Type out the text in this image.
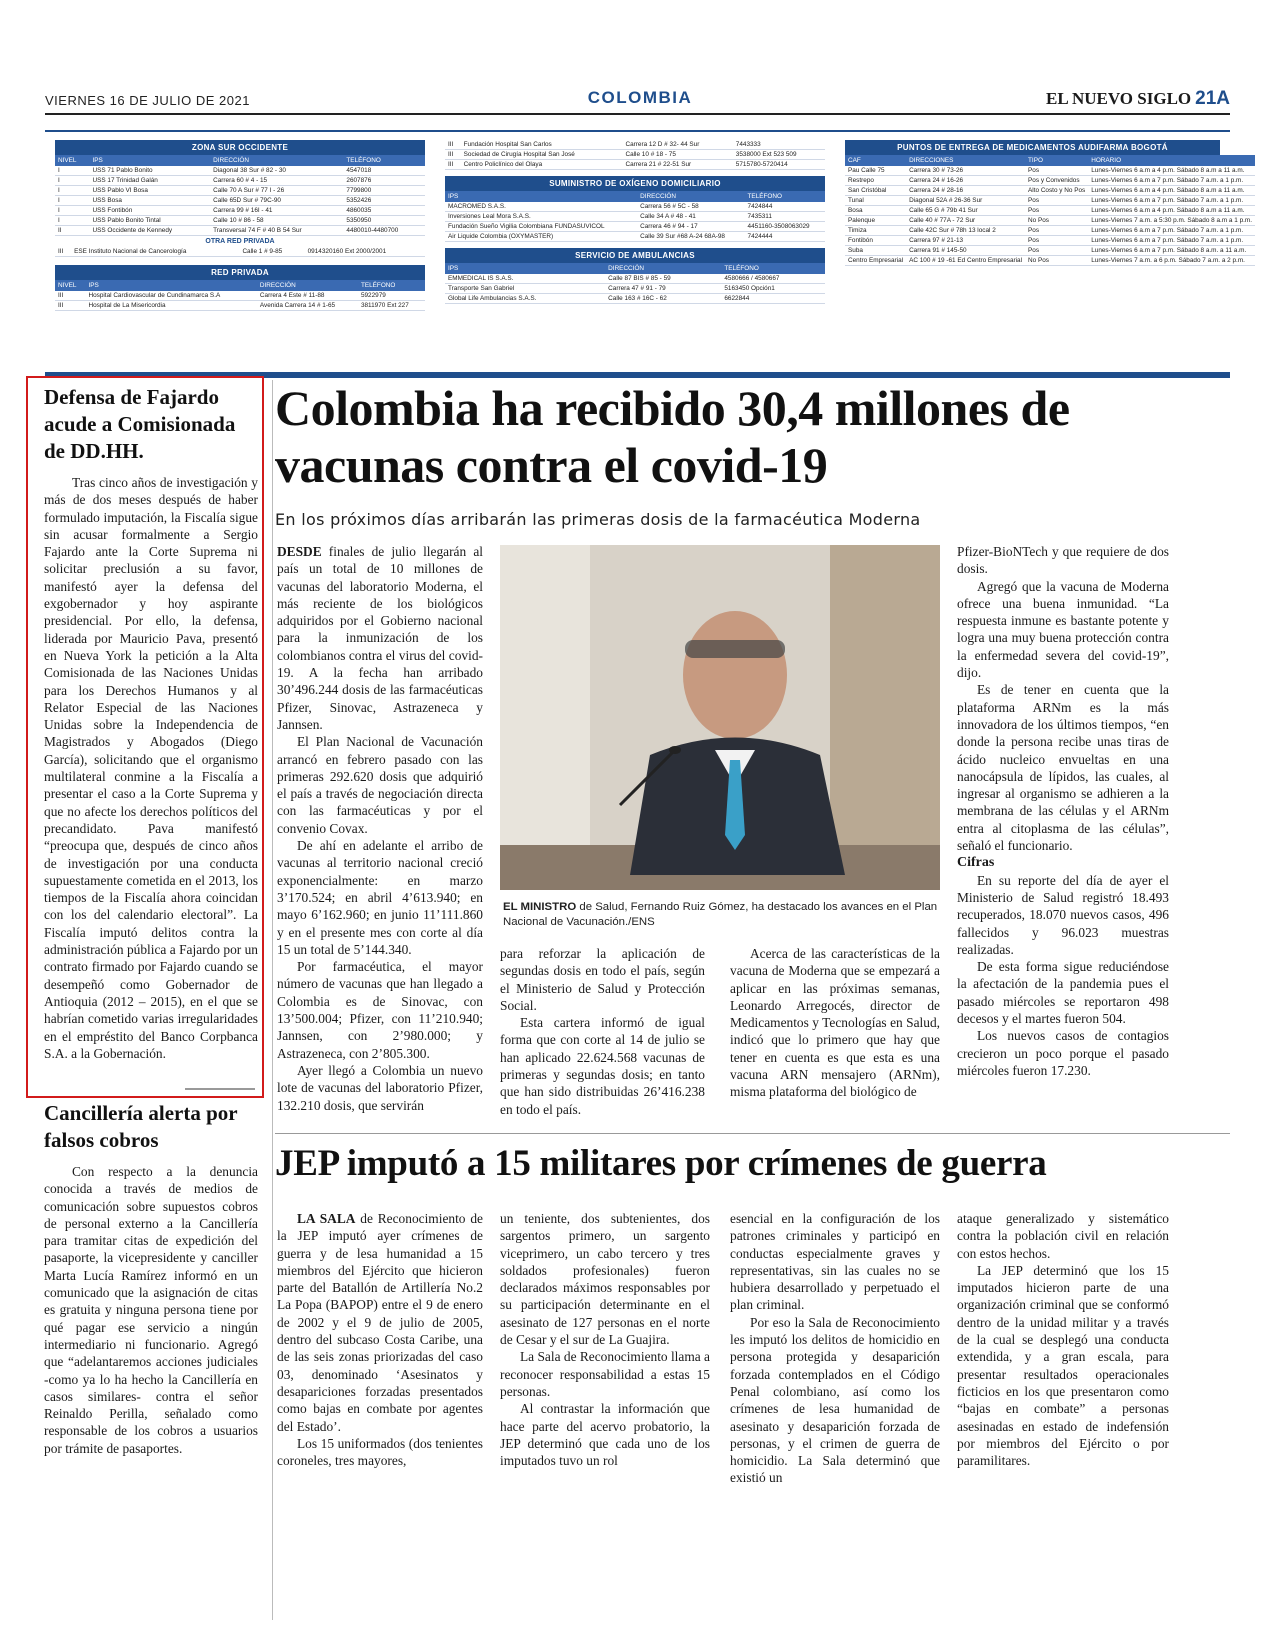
VIERNES 16 DE JULIO DE 2021	COLOMBIA	EL NUEVO SIGLO 21A
ZONA SUR OCCIDENTE
NIVEL	IPS	DIRECCIÓN	TELÉFONO
I	USS 71 Pablo Bonito	Diagonal 38 Sur # 82 - 30	4547018
I	USS 17 Trinidad Galán	Carrera 60 # 4 - 15	2607876
I	USS Pablo VI Bosa	Calle 70 A Sur # 77 I - 26	7799800
I	USS Bosa	Calle 65D Sur # 79C-90	5352426
I	USS Fontibón	Carrera 99 # 16I - 41	4860035
I	USS Pablo Bonito Tintal	Calle 10 # 86 - 58	5350950
II	USS Occidente de Kennedy	Transversal 74 F # 40 B 54 Sur	4480010-4480700
OTRA RED PRIVADA
III	ESE Instituto Nacional de Cancerología	Calle 1 # 9-85	0914320160 Ext 2000/2001
RED PRIVADA
NIVEL	IPS	DIRECCIÓN	TELÉFONO
III	Hospital Cardiovascular de Cundinamarca S.A	Carrera 4 Este # 11-88	5922979
III	Hospital de La Misericordia	Avenida Carrera 14 # 1-65	3811970 Ext 227
III	Fundación Hospital San Carlos	Carrera 12 D # 32- 44 Sur	7443333
III	Sociedad de Cirugía Hospital San José	Calle 10 # 18 - 75	3538000 Ext 523 509
III	Centro Policlínico del Olaya	Carrera 21 # 22-51 Sur	5715780-5720414
SUMINISTRO DE OXÍGENO DOMICILIARIO
IPS	DIRECCIÓN	TELÉFONO
MACROMED S.A.S.	Carrera 56 # 5C - 58	7424844
Inversiones Leal Mora S.A.S.	Calle 34 A # 48 - 41	7435311
Fundación Sueño Vigilia Colombiana FUNDASUVICOL	Carrera 46 # 94 - 17	4451160-3508063029
Air Liquide Colombia (OXYMASTER)	Calle 39 Sur #68 A-24 68A-98	7424444
SERVICIO DE AMBULANCIAS
IPS	DIRECCIÓN	TELÉFONO
EMMEDICAL IS S.A.S.	Calle 87 BIS # 85 - 59	4580666 / 4580667
Transporte San Gabriel	Carrera 47 # 91 - 79	5163450 Opción1
Global Life Ambulancias S.A.S.	Calle 163 # 16C - 62	6622844
PUNTOS DE ENTREGA DE MEDICAMENTOS AUDIFARMA BOGOTÁ
CAF	DIRECCIONES	TIPO	HORARIO
Pau Calle 75	Carrera 30 # 73-26	Pos	Lunes-Viernes 6 a.m a 4 p.m. Sábado 8 a.m a 11 a.m.
Restrepo	Carrera 24 # 16-26	Pos y Convenidos	Lunes-Viernes 6 a.m a 7 p.m. Sábado 7 a.m. a 1 p.m.
San Cristóbal	Carrera 24 # 28-16	Alto Costo y No Pos	Lunes-Viernes 6 a.m a 4 p.m. Sábado 8 a.m a 11 a.m.
Tunal	Diagonal 52A # 26-36 Sur	Pos	Lunes-Viernes 6 a.m a 7 p.m. Sábado 7 a.m. a 1 p.m.
Bosa	Calle 65 G # 79b 41 Sur	Pos	Lunes-Viernes 6 a.m a 4 p.m. Sábado 8 a.m a 11 a.m.
Palenque	Calle 40 # 77A - 72 Sur	No Pos	Lunes-Viernes 7 a.m. a 5:30 p.m. Sábado 8 a.m a 1 p.m.
Timiza	Calle 42C Sur # 78h 13 local 2	Pos	Lunes-Viernes 6 a.m a 7 p.m. Sábado 7 a.m. a 1 p.m.
Fontibón	Carrera 97 # 21-13	Pos	Lunes-Viernes 6 a.m a 7 p.m. Sábado 7 a.m. a 1 p.m.
Suba	Carrera 91 # 145-50	Pos	Lunes-Viernes 6 a.m a 7 p.m. Sábado 8 a.m. a 11 a.m.
Centro Empresarial	AC 100 # 19 -61 Ed Centro Empresarial	No Pos	Lunes-Viernes 7 a.m. a 6 p.m. Sábado 7 a.m. a 2 p.m.
Defensa de Fajardo acude a Comisionada de DD.HH.
Tras cinco años de investigación y más de dos meses después de haber formulado imputación, la Fiscalía sigue sin acusar formalmente a Sergio Fajardo ante la Corte Suprema ni solicitar preclusión a su favor, manifestó ayer la defensa del exgobernador y hoy aspirante presidencial. Por ello, la defensa, liderada por Mauricio Pava, presentó en Nueva York la petición a la Alta Comisionada de las Naciones Unidas para los Derechos Humanos y al Relator Especial de las Naciones Unidas sobre la Independencia de Magistrados y Abogados (Diego García), solicitando que el organismo multilateral conmine a la Fiscalía a presentar el caso a la Corte Suprema y que no afecte los derechos políticos del precandidato. Pava manifestó “preocupa que, después de cinco años de investigación por una conducta supuestamente cometida en el 2013, los tiempos de la Fiscalía ahora coincidan con los del calendario electoral”. La Fiscalía imputó delitos contra la administración pública a Fajardo por un contrato firmado por Fajardo cuando se desempeñó como Gobernador de Antioquia (2012 – 2015), en el que se habrían cometido varias irregularidades en el empréstito del Banco Corpbanca S.A. a la Gobernación.
Cancillería alerta por falsos cobros
Con respecto a la denuncia conocida a través de medios de comunicación sobre supuestos cobros de personal externo a la Cancillería para tramitar citas de expedición del pasaporte, la vicepresidente y canciller Marta Lucía Ramírez informó en un comunicado que la asignación de citas es gratuita y ninguna persona tiene por qué pagar ese servicio a ningún intermediario ni funcionario. Agregó que “adelantaremos acciones judiciales -como ya lo ha hecho la Cancillería en casos similares- contra el señor Reinaldo Perilla, señalado como responsable de los cobros a usuarios por trámite de pasaportes.
Colombia ha recibido 30,4 millones de vacunas contra el covid-19
En los próximos días arribarán las primeras dosis de la farmacéutica Moderna

DESDE finales de julio llegarán al país un total de 10 millones de vacunas del laboratorio Moderna, el más reciente de los biológicos adquiridos por el Gobierno nacional para la inmunización de los colombianos contra el virus del covid-19. A la fecha han arribado 30’496.244 dosis de las farmacéuticas Pfizer, Sinovac, Astrazeneca y Jannsen.

El Plan Nacional de Vacunación arrancó en febrero pasado con las primeras 292.620 dosis que adquirió el país a través de negociación directa con las farmacéuticas y por el convenio Covax.

De ahí en adelante el arribo de vacunas al territorio nacional creció exponencialmente: en marzo 3’170.524; en abril 4’613.940; en mayo 6’162.960; en junio 11’111.860 y en el presente mes con corte al día 15 un total de 5’144.340.

Por farmacéutica, el mayor número de vacunas que han llegado a Colombia es de Sinovac, con 13’500.004; Pfizer, con 11’210.940; Jannsen, con 2’980.000; y Astrazeneca, con 2’805.300.

Ayer llegó a Colombia un nuevo lote de vacunas del laboratorio Pfizer, 132.210 dosis, que servirán

EL MINISTRO de Salud, Fernando Ruiz Gómez, ha destacado los avances en el Plan Nacional de Vacunación./ENS

para reforzar la aplicación de segundas dosis en todo el país, según el Ministerio de Salud y Protección Social.

Esta cartera informó de igual forma que con corte al 14 de julio se han aplicado 22.624.568 vacunas de primeras y segundas dosis; en tanto que han sido distribuidas 26’416.238 en todo el país.

Acerca de las características de la vacuna de Moderna que se empezará a aplicar en las próximas semanas, Leonardo Arregocés, director de Medicamentos y Tecnologías en Salud, indicó que lo primero que hay que tener en cuenta es que esta es una vacuna ARN mensajero (ARNm), misma plataforma del biológico de

Pfizer-BioNTech y que requiere de dos dosis.

Agregó que la vacuna de Moderna ofrece una buena inmunidad. “La respuesta inmune es bastante potente y logra una muy buena protección contra la enfermedad severa del covid-19”, dijo.

Es de tener en cuenta que la plataforma ARNm es la más innovadora de los últimos tiempos, “en donde la persona recibe unas tiras de ácido nucleico envueltas en una nanocápsula de lípidos, las cuales, al ingresar al organismo se adhieren a la membrana de las células y el ARNm entra al citoplasma de las células”, señaló el funcionario.

Cifras

En su reporte del día de ayer el Ministerio de Salud registró 18.493 recuperados, 18.070 nuevos casos, 496 fallecidos y 96.023 muestras realizadas.

De esta forma sigue reduciéndose la afectación de la pandemia pues el pasado miércoles se reportaron 498 decesos y el martes fueron 504.

Los nuevos casos de contagios crecieron un poco porque el pasado miércoles fueron 17.230.

JEP imputó a 15 militares por crímenes de guerra

LA SALA de Reconocimiento de la JEP imputó ayer crímenes de guerra y de lesa humanidad a 15 miembros del Ejército que hicieron parte del Batallón de Artillería No.2 La Popa (BAPOP) entre el 9 de enero de 2002 y el 9 de julio de 2005, dentro del subcaso Costa Caribe, una de las seis zonas priorizadas del caso 03, denominado ‘Asesinatos y desapariciones forzadas presentados como bajas en combate por agentes del Estado’.

Los 15 uniformados (dos tenientes coroneles, tres mayores,

un teniente, dos subtenientes, dos sargentos primero, un sargento viceprimero, un cabo tercero y tres soldados profesionales) fueron declarados máximos responsables por su participación determinante en el asesinato de 127 personas en el norte de Cesar y el sur de La Guajira.

La Sala de Reconocimiento llama a reconocer responsabilidad a estas 15 personas.

Al contrastar la información que hace parte del acervo probatorio, la JEP determinó que cada uno de los imputados tuvo un rol

esencial en la configuración de los patrones criminales y participó en conductas especialmente graves y representativas, sin las cuales no se hubiera desarrollado y perpetuado el plan criminal.

Por eso la Sala de Reconocimiento les imputó los delitos de homicidio en persona protegida y desaparición forzada contemplados en el Código Penal colombiano, así como los crímenes de lesa humanidad de asesinato y desaparición forzada de personas, y el crimen de guerra de homicidio. La Sala determinó que existió un

ataque generalizado y sistemático contra la población civil en relación con estos hechos.

La JEP determinó que los 15 imputados hicieron parte de una organización criminal que se conformó dentro de la unidad militar y a través de la cual se desplegó una conducta extendida, y a gran escala, para presentar resultados operacionales ficticios en los que presentaron como “bajas en combate” a personas asesinadas en estado de indefensión por miembros del Ejército o por paramilitares.
